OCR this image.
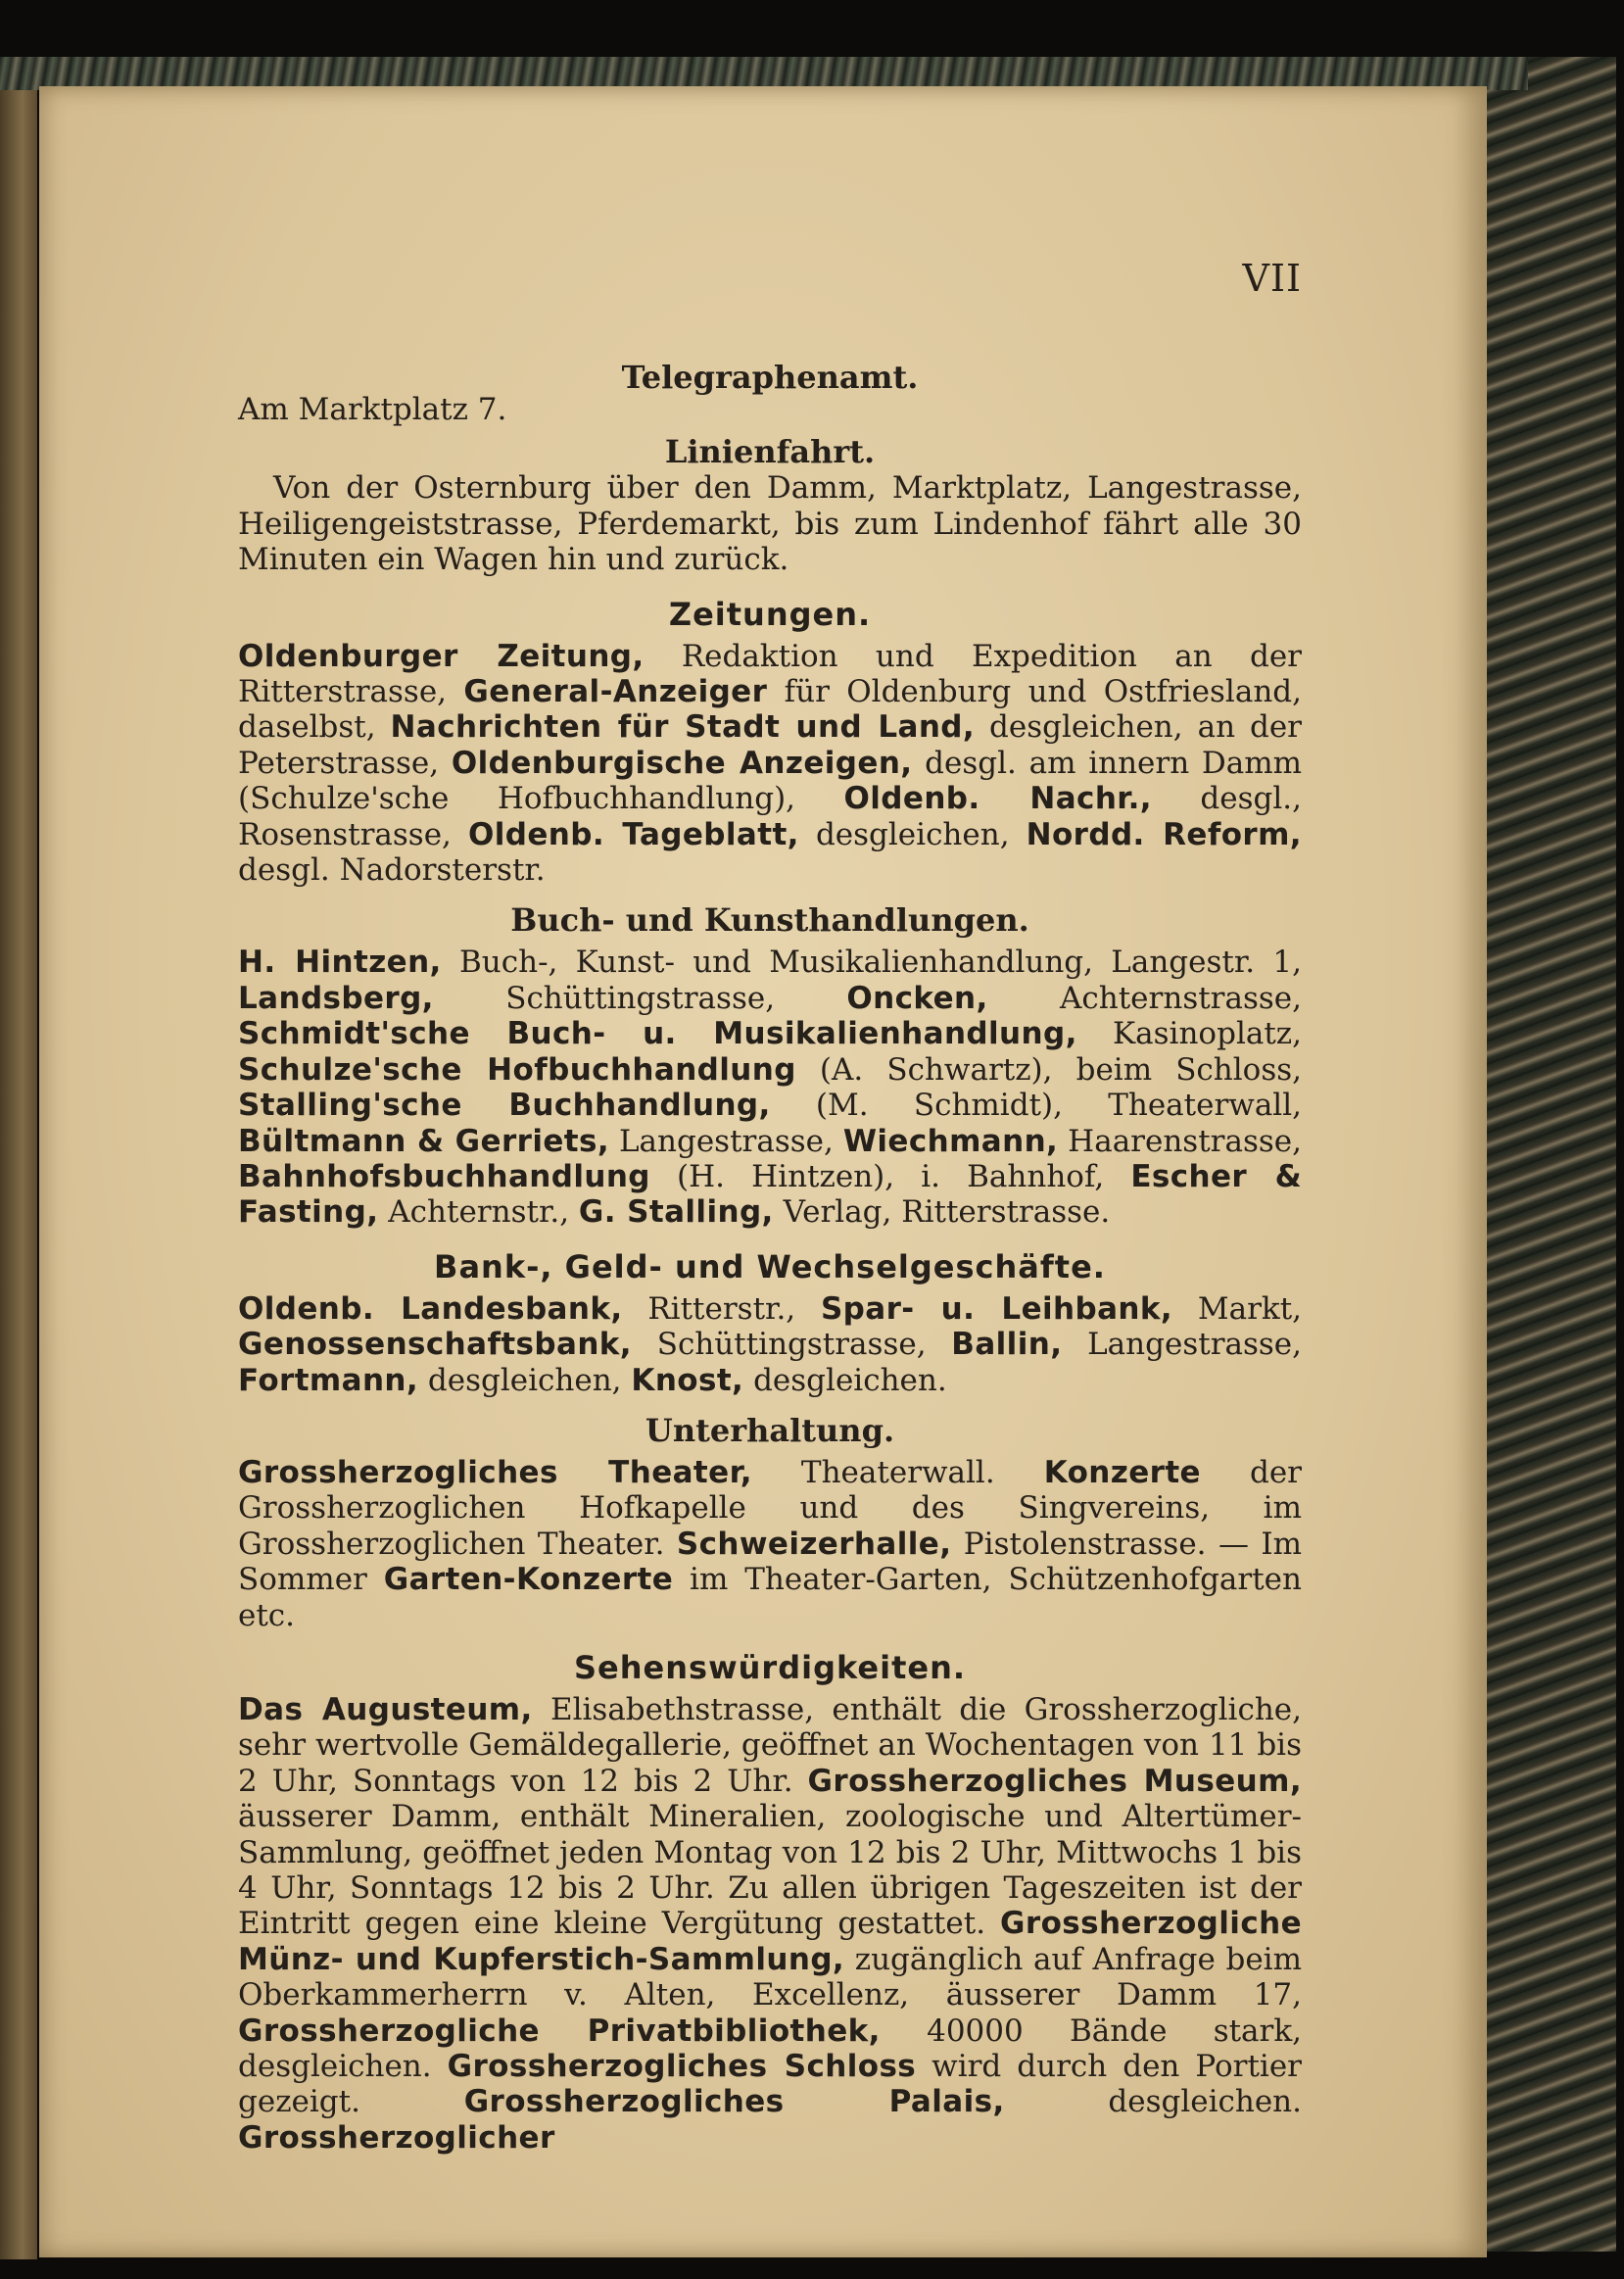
VII
Telegraphenamt.

Am Marktplatz 7.

Linienfahrt.

Von der Osternburg über den Damm, Marktplatz, Langestrasse, Heiligengeiststrasse, Pferdemarkt, bis zum Lindenhof fährt alle 30 Minuten ein Wagen hin und zurück.

Zeitungen.

Oldenburger Zeitung, Redaktion und Expedition an der Ritterstrasse, General-Anzeiger für Oldenburg und Ostfriesland, daselbst, Nachrichten für Stadt und Land, desgleichen, an der Peterstrasse, Oldenburgische Anzeigen, desgl. am innern Damm (Schulze'sche Hofbuchhandlung), Oldenb. Nachr., desgl., Rosenstrasse, Oldenb. Tageblatt, desgleichen, Nordd. Reform, desgl. Nadorsterstr.

Buch- und Kunsthandlungen.

H. Hintzen, Buch-, Kunst- und Musikalienhandlung, Langestr. 1, Landsberg, Schüttingstrasse, Oncken, Achternstrasse, Schmidt'sche Buch- u. Musikalienhandlung, Kasinoplatz, Schulze'sche Hofbuchhandlung (A. Schwartz), beim Schloss, Stalling'sche Buchhandlung, (M. Schmidt), Theaterwall, Bültmann & Gerriets, Langestrasse, Wiechmann, Haarenstrasse, Bahnhofsbuchhandlung (H. Hintzen), i. Bahnhof, Escher & Fasting, Achternstr., G. Stalling, Verlag, Ritterstrasse.

Bank-, Geld- und Wechselgeschäfte.

Oldenb. Landesbank, Ritterstr., Spar- u. Leihbank, Markt, Genossenschaftsbank, Schüttingstrasse, Ballin, Langestrasse, Fortmann, desgleichen, Knost, desgleichen.

Unterhaltung.

Grossherzogliches Theater, Theaterwall. Konzerte der Grossherzoglichen Hofkapelle und des Singvereins, im Grossherzoglichen Theater. Schweizerhalle, Pistolenstrasse. — Im Sommer Garten-Konzerte im Theater-Garten, Schützenhofgarten etc.

Sehenswürdigkeiten.

Das Augusteum, Elisabethstrasse, enthält die Grossherzogliche, sehr wertvolle Gemäldegallerie, geöffnet an Wochentagen von 11 bis 2 Uhr, Sonntags von 12 bis 2 Uhr. Grossherzogliches Museum, äusserer Damm, enthält Mineralien, zoologische und Altertümer-Sammlung, geöffnet jeden Montag von 12 bis 2 Uhr, Mittwochs 1 bis 4 Uhr, Sonntags 12 bis 2 Uhr. Zu allen übrigen Tageszeiten ist der Eintritt gegen eine kleine Vergütung gestattet. Grossherzogliche Münz- und Kupferstich-Sammlung, zugänglich auf Anfrage beim Oberkammerherrn v. Alten, Excellenz, äusserer Damm 17, Grossherzogliche Privatbibliothek, 40000 Bände stark, desgleichen. Grossherzogliches Schloss wird durch den Portier gezeigt. Grossherzogliches Palais, desgleichen. Grossherzoglicher
